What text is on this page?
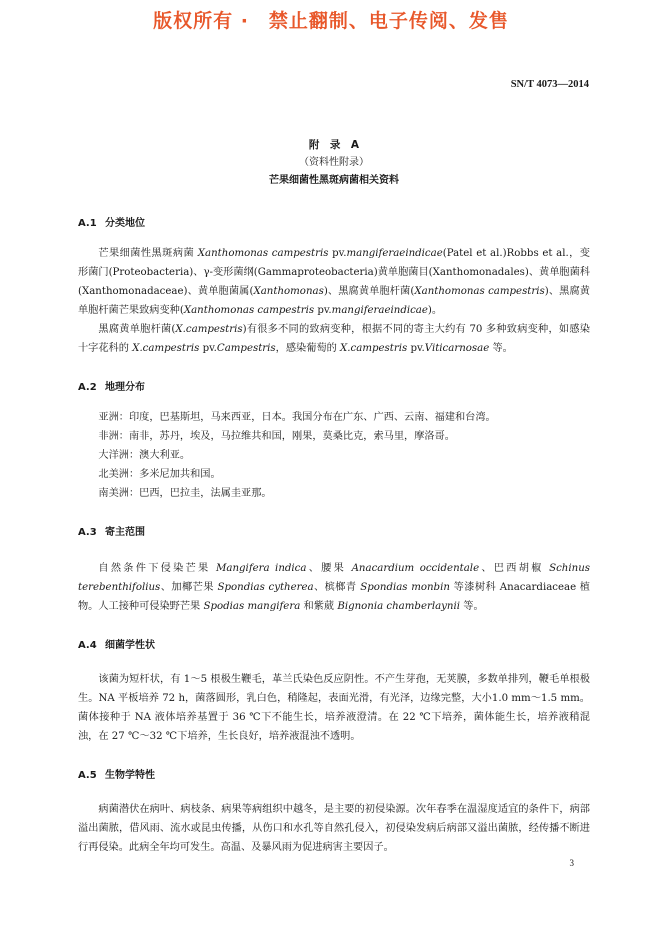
版权所有 ·　禁止翻制、电子传阅、发售
SN/T 4073—2014
附　录　A
（资料性附录）
芒果细菌性黑斑病菌相关资料
A.1 分类地位

芒果细菌性黑斑病菌 Xanthomonas campestris pv.mangiferaeindicae(Patel et al.)Robbs et al.，变形菌门(Proteobacteria)、γ-变形菌纲(Gammaproteobacteria)黄单胞菌目(Xanthomonadales)、黄单胞菌科(Xanthomonadaceae)、黄单胞菌属(Xanthomonas)、黑腐黄单胞杆菌(Xanthomonas campestris)、黑腐黄单胞杆菌芒果致病变种(Xanthomonas campestris pv.mangiferaeindicae)。

黑腐黄单胞杆菌(X.campestris)有很多不同的致病变种，根据不同的寄主大约有 70 多种致病变种，如感染十字花科的 X.campestris pv.Campestris，感染葡萄的 X.campestris pv.Viticarnosae 等。

A.2 地理分布

亚洲：印度，巴基斯坦，马来西亚，日本。我国分布在广东、广西、云南、福建和台湾。

非洲：南非，苏丹，埃及，马拉维共和国，刚果，莫桑比克，索马里，摩洛哥。

大洋洲：澳大利亚。

北美洲：多米尼加共和国。

南美洲：巴西，巴拉圭，法属圭亚那。

A.3 寄主范围

自然条件下侵染芒果 Mangifera indica、腰果 Anacardium occidentale、巴西胡椒 Schinus terebenthifolius、加椰芒果 Spondias cytherea、槟榔青 Spondias monbin 等漆树科 Anacardiaceae 植物。人工接种可侵染野芒果 Spodias mangifera 和紫葳 Bignonia chamberlaynii 等。

A.4 细菌学性状

该菌为短杆状，有 1～5 根极生鞭毛，革兰氏染色反应阴性。不产生芽孢，无荚膜，多数单排列，鞭毛单根极生。NA 平板培养 72 h，菌落圆形，乳白色，稍隆起，表面光滑，有光泽，边缘完整，大小1.0 mm～1.5 mm。菌体接种于 NA 液体培养基置于 36 ℃下不能生长，培养液澄清。在 22 ℃下培养，菌体能生长，培养液稍混浊，在 27 ℃～32 ℃下培养，生长良好，培养液混浊不透明。

A.5 生物学特性

病菌潜伏在病叶、病枝条、病果等病组织中越冬，是主要的初侵染源。次年春季在温湿度适宜的条件下，病部溢出菌脓，借风雨、流水或昆虫传播，从伤口和水孔等自然孔侵入，初侵染发病后病部又溢出菌脓，经传播不断进行再侵染。此病全年均可发生。高温、及暴风雨为促进病害主要因子。

3
